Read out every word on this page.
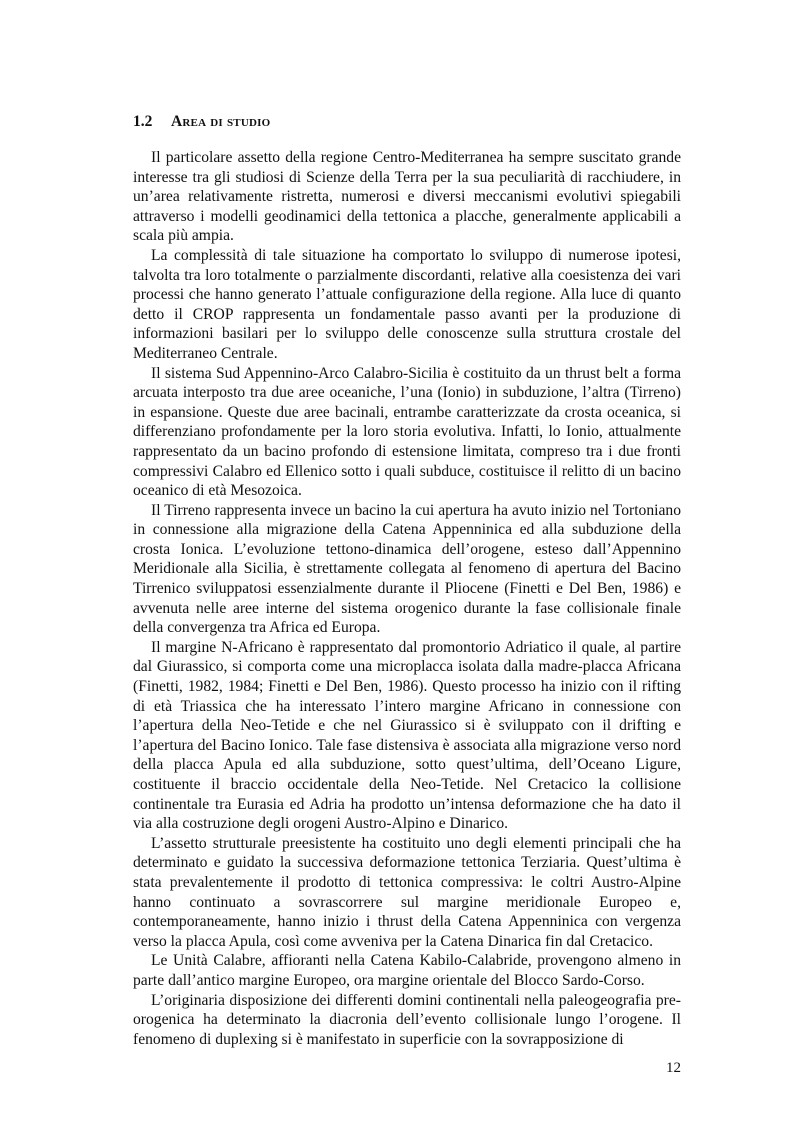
1.2 Area di studio

Il particolare assetto della regione Centro-Mediterranea ha sempre suscitato grande interesse tra gli studiosi di Scienze della Terra per la sua peculiarità di racchiudere, in un’area relativamente ristretta, numerosi e diversi meccanismi evolutivi spiegabili attraverso i modelli geodinamici della tettonica a placche, generalmente applicabili a scala più ampia.

La complessità di tale situazione ha comportato lo sviluppo di numerose ipotesi, talvolta tra loro totalmente o parzialmente discordanti, relative alla coesistenza dei vari processi che hanno generato l’attuale configurazione della regione. Alla luce di quanto detto il CROP rappresenta un fondamentale passo avanti per la produzione di informazioni basilari per lo sviluppo delle conoscenze sulla struttura crostale del Mediterraneo Centrale.

Il sistema Sud Appennino-Arco Calabro-Sicilia è costituito da un thrust belt a forma arcuata interposto tra due aree oceaniche, l’una (Ionio) in subduzione, l’altra (Tirreno) in espansione. Queste due aree bacinali, entrambe caratterizzate da crosta oceanica, si differenziano profondamente per la loro storia evolutiva. Infatti, lo Ionio, attualmente rappresentato da un bacino profondo di estensione limitata, compreso tra i due fronti compressivi Calabro ed Ellenico sotto i quali subduce, costituisce il relitto di un bacino oceanico di età Mesozoica.

Il Tirreno rappresenta invece un bacino la cui apertura ha avuto inizio nel Tortoniano in connessione alla migrazione della Catena Appenninica ed alla subduzione della crosta Ionica. L’evoluzione tettono-dinamica dell’orogene, esteso dall’Appennino Meridionale alla Sicilia, è strettamente collegata al fenomeno di apertura del Bacino Tirrenico sviluppatosi essenzialmente durante il Pliocene (Finetti e Del Ben, 1986) e avvenuta nelle aree interne del sistema orogenico durante la fase collisionale finale della convergenza tra Africa ed Europa.

Il margine N-Africano è rappresentato dal promontorio Adriatico il quale, al partire dal Giurassico, si comporta come una microplacca isolata dalla madre-placca Africana (Finetti, 1982, 1984; Finetti e Del Ben, 1986). Questo processo ha inizio con il rifting di età Triassica che ha interessato l’intero margine Africano in connessione con l’apertura della Neo-Tetide e che nel Giurassico si è sviluppato con il drifting e l’apertura del Bacino Ionico. Tale fase distensiva è associata alla migrazione verso nord della placca Apula ed alla subduzione, sotto quest’ultima, dell’Oceano Ligure, costituente il braccio occidentale della Neo-Tetide. Nel Cretacico la collisione continentale tra Eurasia ed Adria ha prodotto un’intensa deformazione che ha dato il via alla costruzione degli orogeni Austro-Alpino e Dinarico.

L’assetto strutturale preesistente ha costituito uno degli elementi principali che ha determinato e guidato la successiva deformazione tettonica Terziaria. Quest’ultima è stata prevalentemente il prodotto di tettonica compressiva: le coltri Austro-Alpine hanno continuato a sovrascorrere sul margine meridionale Europeo e, contemporaneamente, hanno inizio i thrust della Catena Appenninica con vergenza verso la placca Apula, così come avveniva per la Catena Dinarica fin dal Cretacico.

Le Unità Calabre, affioranti nella Catena Kabilo-Calabride, provengono almeno in parte dall’antico margine Europeo, ora margine orientale del Blocco Sardo-Corso.

L’originaria disposizione dei differenti domini continentali nella paleogeografia pre-orogenica ha determinato la diacronia dell’evento collisionale lungo l’orogene. Il fenomeno di duplexing si è manifestato in superficie con la sovrapposizione di

12
